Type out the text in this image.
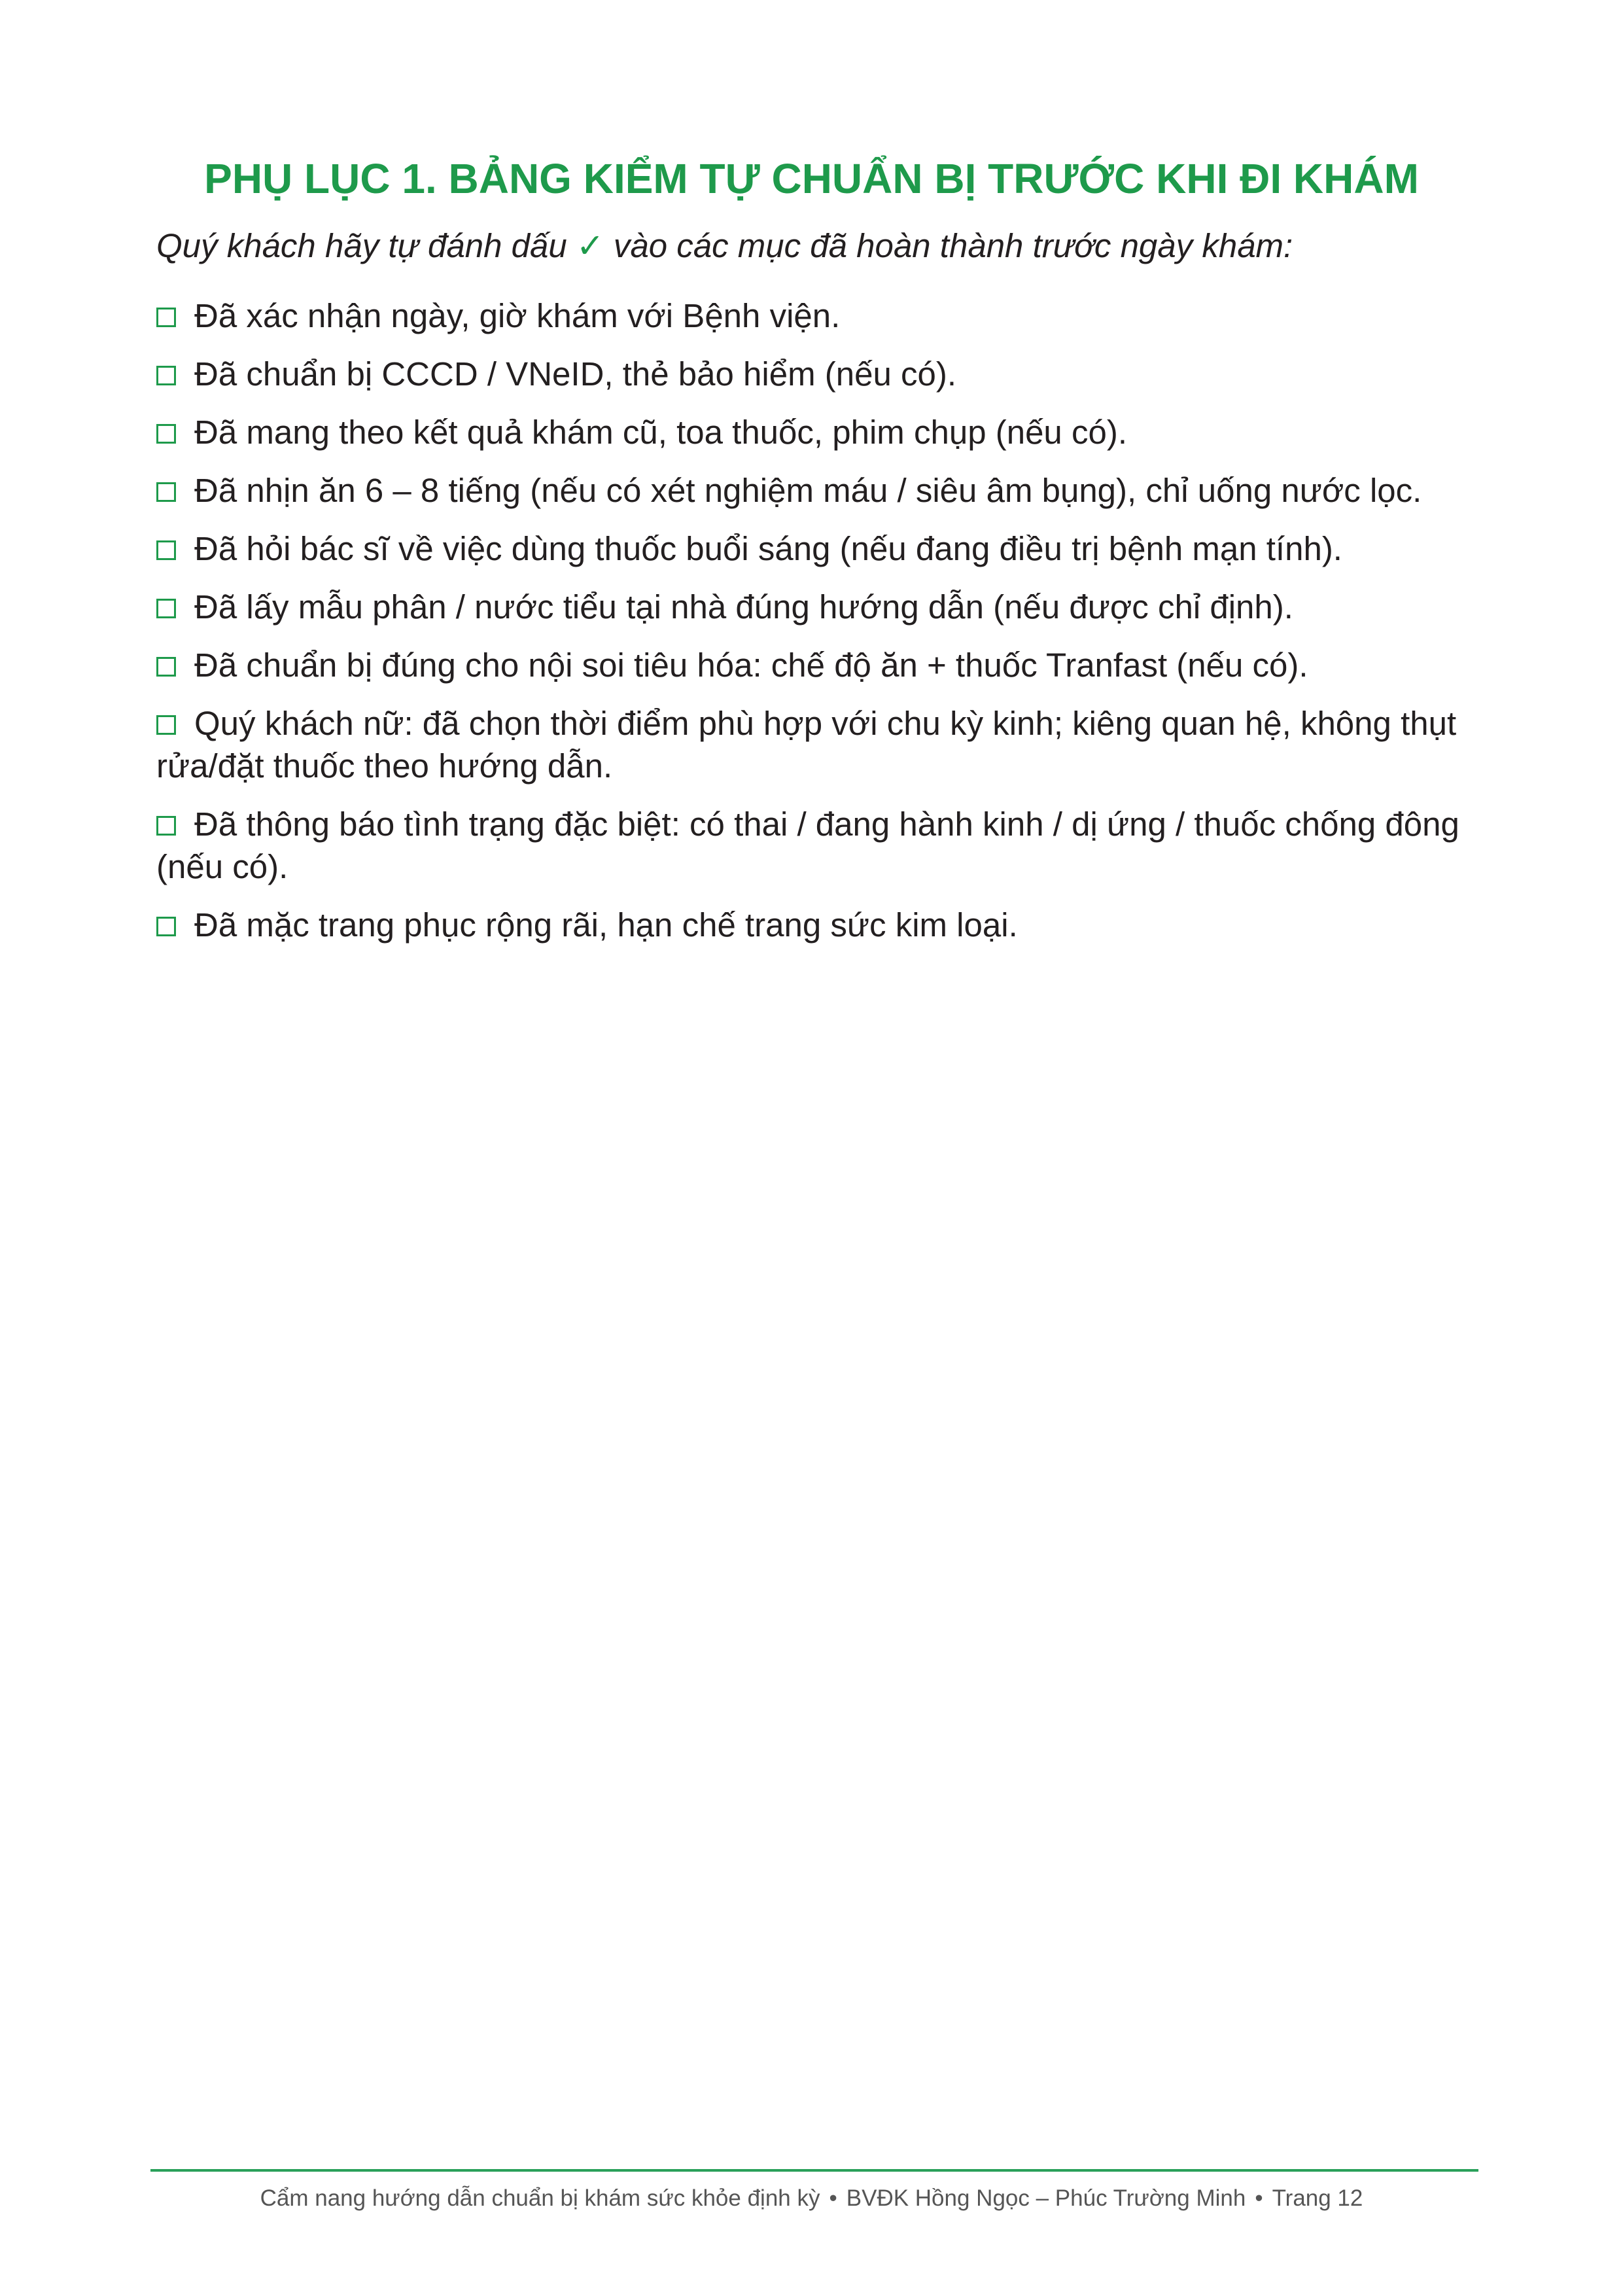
PHỤ LỤC 1. BẢNG KIỂM TỰ CHUẨN BỊ TRƯỚC KHI ĐI KHÁM
Quý khách hãy tự đánh dấu ✓ vào các mục đã hoàn thành trước ngày khám:
Đã xác nhận ngày, giờ khám với Bệnh viện.
Đã chuẩn bị CCCD / VNeID, thẻ bảo hiểm (nếu có).
Đã mang theo kết quả khám cũ, toa thuốc, phim chụp (nếu có).
Đã nhịn ăn 6 – 8 tiếng (nếu có xét nghiệm máu / siêu âm bụng), chỉ uống nước lọc.
Đã hỏi bác sĩ về việc dùng thuốc buổi sáng (nếu đang điều trị bệnh mạn tính).
Đã lấy mẫu phân / nước tiểu tại nhà đúng hướng dẫn (nếu được chỉ định).
Đã chuẩn bị đúng cho nội soi tiêu hóa: chế độ ăn + thuốc Tranfast (nếu có).
Quý khách nữ: đã chọn thời điểm phù hợp với chu kỳ kinh; kiêng quan hệ, không thụt rửa/đặt thuốc theo hướng dẫn.
Đã thông báo tình trạng đặc biệt: có thai / đang hành kinh / dị ứng / thuốc chống đông (nếu có).
Đã mặc trang phục rộng rãi, hạn chế trang sức kim loại.
Cẩm nang hướng dẫn chuẩn bị khám sức khỏe định kỳ • BVĐK Hồng Ngọc – Phúc Trường Minh • Trang 12
